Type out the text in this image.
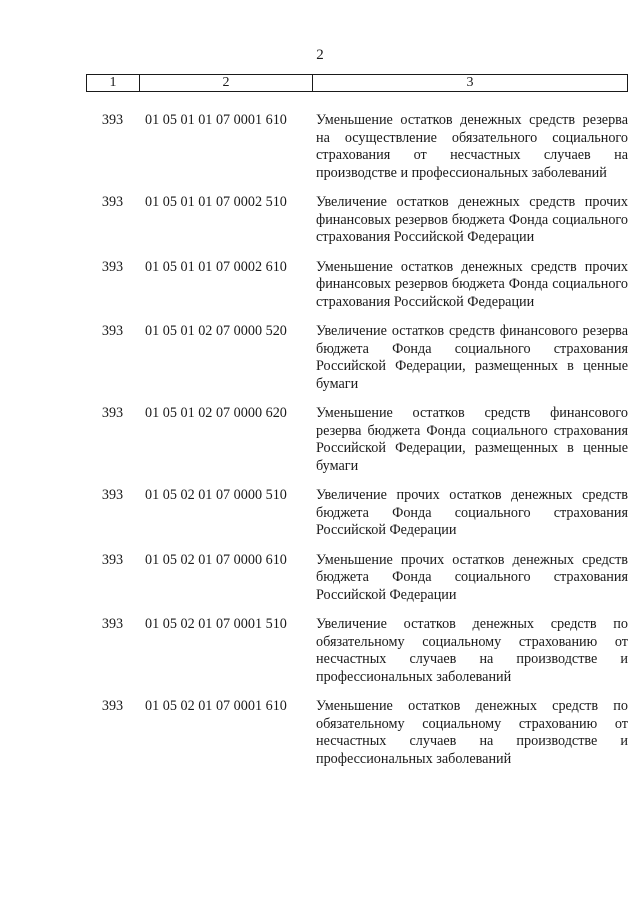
2
1	2	3
393	01 05 01 01 07 0001 610	Уменьшение остатков денежных средств резерва на осуществление обязательного социального страхования от несчастных случаев на производстве и профессиональных заболеваний
393	01 05 01 01 07 0002 510	Увеличение остатков денежных средств прочих финансовых резервов бюджета Фонда социального страхования Российской Федерации
393	01 05 01 01 07 0002 610	Уменьшение остатков денежных средств прочих финансовых резервов бюджета Фонда социального страхования Российской Федерации
393	01 05 01 02 07 0000 520	Увеличение остатков средств финансового резерва бюджета Фонда социального страхования Российской Федерации, размещенных в ценные бумаги
393	01 05 01 02 07 0000 620	Уменьшение остатков средств финансового резерва бюджета Фонда социального страхования Российской Федерации, размещенных в ценные бумаги
393	01 05 02 01 07 0000 510	Увеличение прочих остатков денежных средств бюджета Фонда социального страхования Российской Федерации
393	01 05 02 01 07 0000 610	Уменьшение прочих остатков денежных средств бюджета Фонда социального страхования Российской Федерации
393	01 05 02 01 07 0001 510	Увеличение остатков денежных средств по обязательному социальному страхованию от несчастных случаев на производстве и профессиональных заболеваний
393	01 05 02 01 07 0001 610	Уменьшение остатков денежных средств по обязательному социальному страхованию от несчастных случаев на производстве и профессиональных заболеваний
